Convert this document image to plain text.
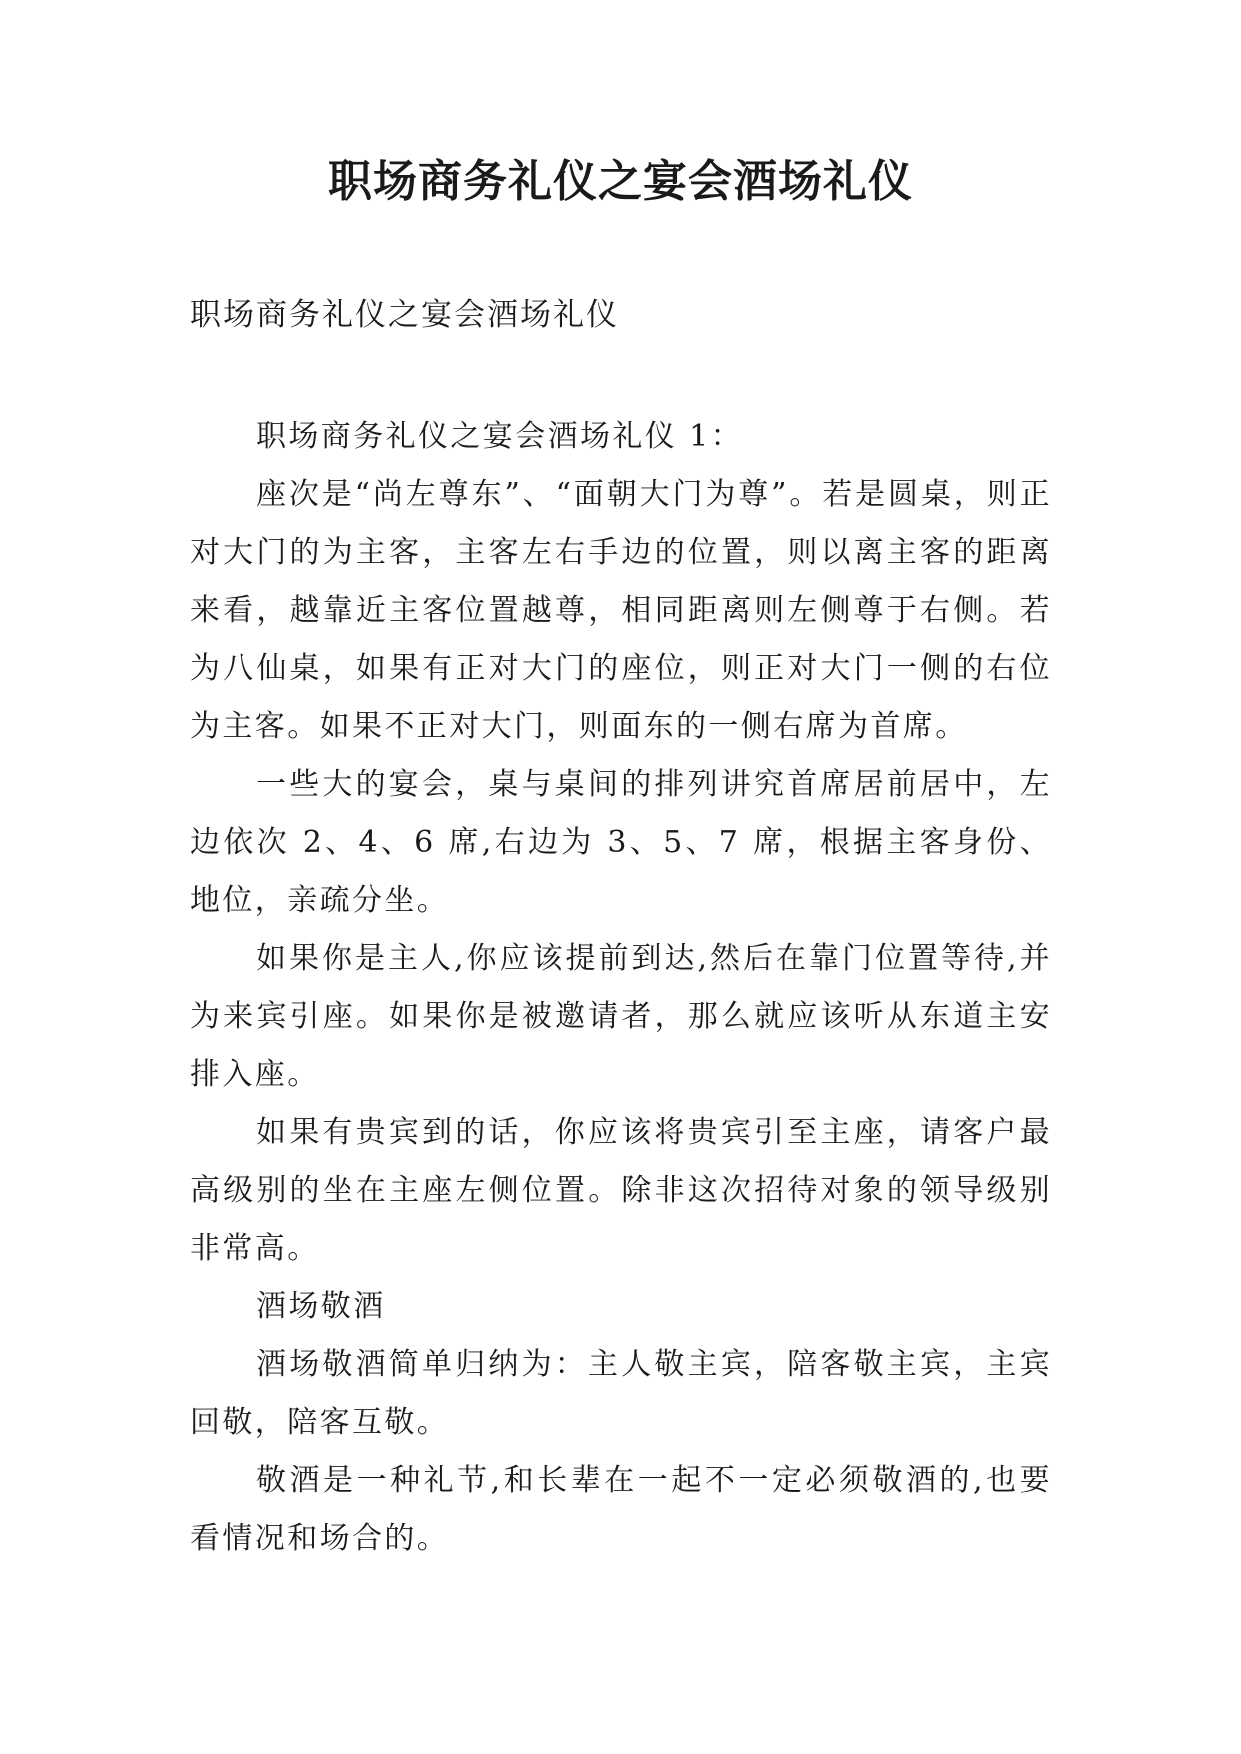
职场商务礼仪之宴会酒场礼仪
职场商务礼仪之宴会酒场礼仪

职场商务礼仪之宴会酒场礼仪 1：

座次是“尚左尊东”、“面朝大门为尊”。若是圆桌，则正对大门的为主客，主客左右手边的位置，则以离主客的距离来看，越靠近主客位置越尊，相同距离则左侧尊于右侧。若为八仙桌，如果有正对大门的座位，则正对大门一侧的右位为主客。如果不正对大门，则面东的一侧右席为首席。

一些大的宴会，桌与桌间的排列讲究首席居前居中，左边依次 2、4、6 席,右边为 3、5、7 席，根据主客身份、地位，亲疏分坐。

如果你是主人,你应该提前到达,然后在靠门位置等待,并为来宾引座。如果你是被邀请者，那么就应该听从东道主安排入座。

如果有贵宾到的话，你应该将贵宾引至主座，请客户最高级别的坐在主座左侧位置。除非这次招待对象的领导级别非常高。

酒场敬酒

酒场敬酒简单归纳为：主人敬主宾，陪客敬主宾，主宾回敬，陪客互敬。

敬酒是一种礼节,和长辈在一起不一定必须敬酒的,也要看情况和场合的。
